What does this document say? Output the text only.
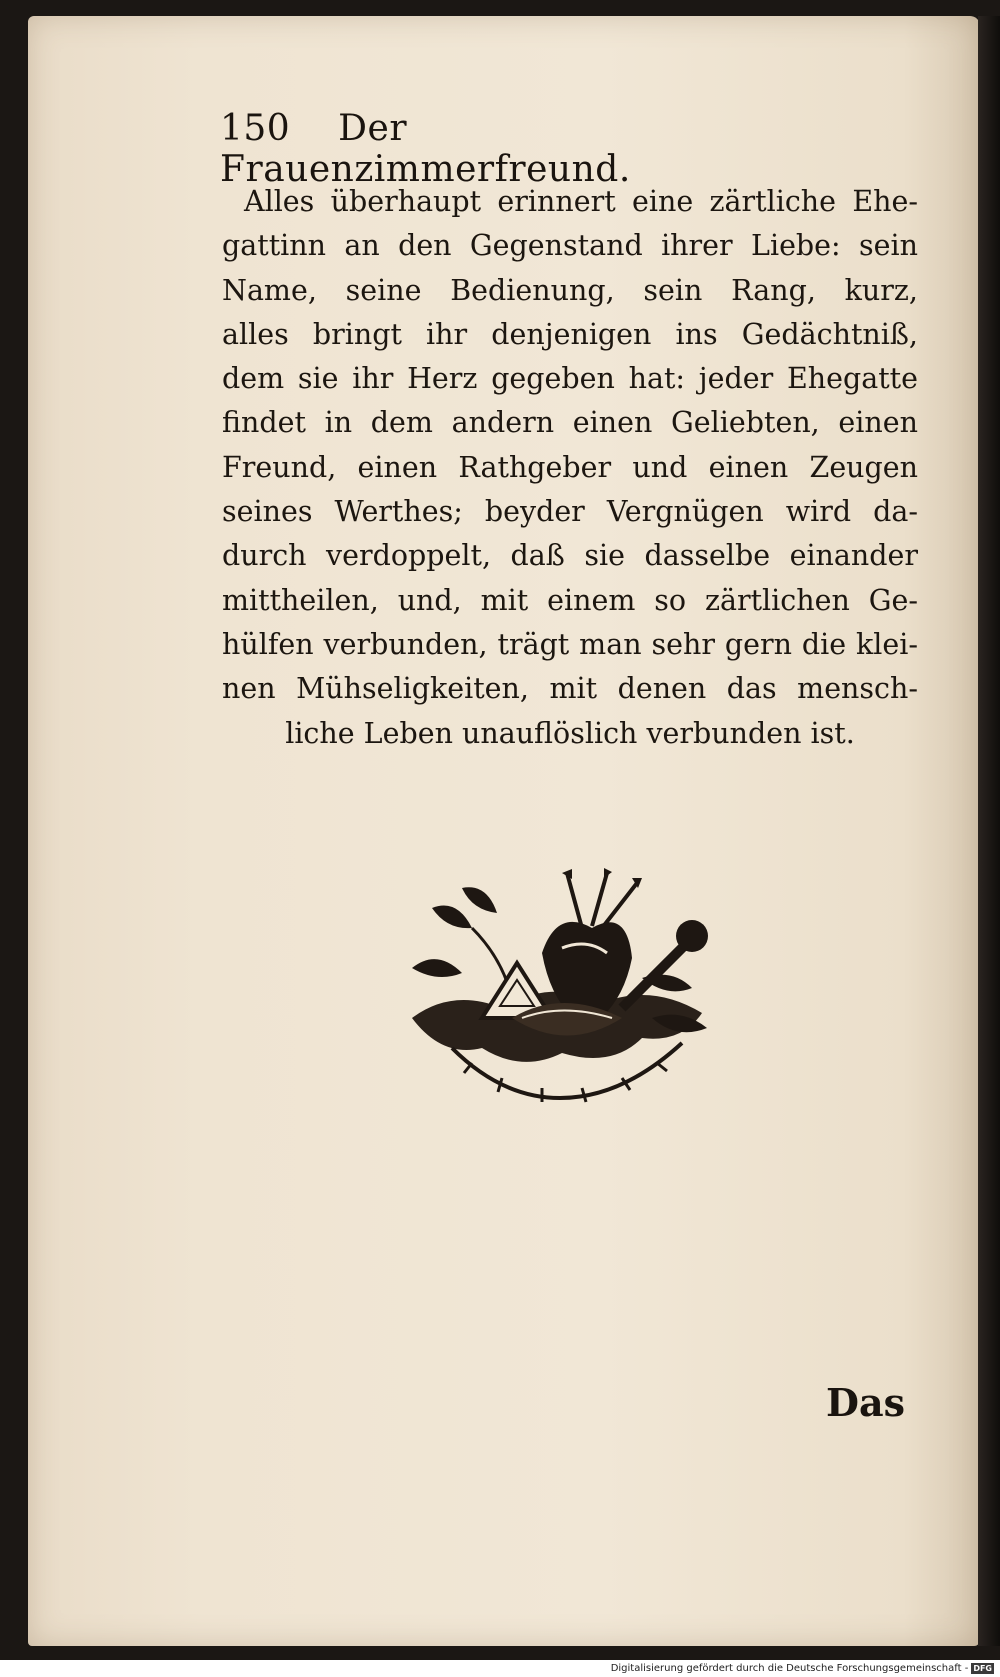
150 Der Frauenzimmerfreund.
Alles überhaupt erinnert eine zärtliche Ehe-
gattinn an den Gegenstand ihrer Liebe: sein
Name, seine Bedienung, sein Rang, kurz,
alles bringt ihr denjenigen ins Gedächtniß,
dem sie ihr Herz gegeben hat: jeder Ehegatte
findet in dem andern einen Geliebten, einen
Freund, einen Rathgeber und einen Zeugen
seines Werthes; beyder Vergnügen wird da-
durch verdoppelt, daß sie dasselbe einander
mittheilen, und, mit einem so zärtlichen Ge-
hülfen verbunden, trägt man sehr gern die klei-
nen Mühseligkeiten, mit denen das mensch-
liche Leben unauflöslich verbunden ist.
Das
Digitalisierung gefördert durch die Deutsche Forschungsgemeinschaft - DFG
